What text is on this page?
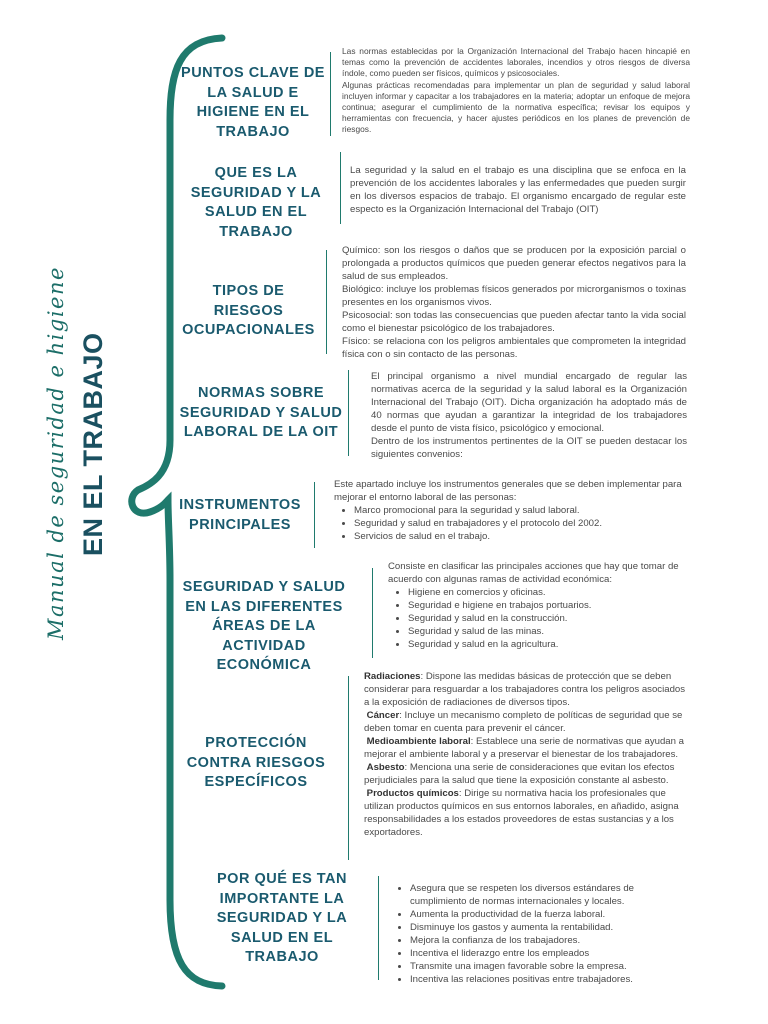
Manual de seguridad e higiene EN EL TRABAJO
PUNTOS CLAVE DE LA SALUD E HIGIENE EN EL TRABAJO

Las normas establecidas por la Organización Internacional del Trabajo hacen hincapié en temas como la prevención de accidentes laborales, incendios y otros riesgos de diversa índole, como pueden ser físicos, químicos y psicosociales.

Algunas prácticas recomendadas para implementar un plan de seguridad y salud laboral incluyen informar y capacitar a los trabajadores en la materia; adoptar un enfoque de mejora continua; asegurar el cumplimiento de la normativa específica; revisar los equipos y herramientas con frecuencia, y hacer ajustes periódicos en los planes de prevención de riesgos.

QUE ES LA SEGURIDAD Y LA SALUD EN EL TRABAJO

La seguridad y la salud en el trabajo es una disciplina que se enfoca en la prevención de los accidentes laborales y las enfermedades que pueden surgir en los diversos espacios de trabajo. El organismo encargado de regular este especto es la Organización Internacional del Trabajo (OIT)

TIPOS DE RIESGOS OCUPACIONALES

Químico: son los riesgos o daños que se producen por la exposición parcial o prolongada a productos químicos que pueden generar efectos negativos para la salud de sus empleados.

Biológico: incluye los problemas físicos generados por microrganismos o toxinas presentes en los organismos vivos.

Psicosocial: son todas las consecuencias que pueden afectar tanto la vida social como el bienestar psicológico de los trabajadores.

Físico: se relaciona con los peligros ambientales que comprometen la integridad física con o sin contacto de las personas.

NORMAS SOBRE SEGURIDAD Y SALUD LABORAL DE LA OIT

El principal organismo a nivel mundial encargado de regular las normativas acerca de la seguridad y la salud laboral es la Organización Internacional del Trabajo (OIT). Dicha organización ha adoptado más de 40 normas que ayudan a garantizar la integridad de los trabajadores desde el punto de vista físico, psicológico y emocional.

Dentro de los instrumentos pertinentes de la OIT se pueden destacar los siguientes convenios:

INSTRUMENTOS PRINCIPALES

Este apartado incluye los instrumentos generales que se deben implementar para mejorar el entorno laboral de las personas:

• Marco promocional para la seguridad y salud laboral.
• Seguridad y salud en trabajadores y el protocolo del 2002.
• Servicios de salud en el trabajo.
SEGURIDAD Y SALUD EN LAS DIFERENTES ÁREAS DE LA ACTIVIDAD ECONÓMICA

Consiste en clasificar las principales acciones que hay que tomar de acuerdo con algunas ramas de actividad económica:

• Higiene en comercios y oficinas.
• Seguridad e higiene en trabajos portuarios.
• Seguridad y salud en la construcción.
• Seguridad y salud de las minas.
• Seguridad y salud en la agricultura.
PROTECCIÓN CONTRA RIESGOS ESPECÍFICOS

Radiaciones: Dispone las medidas básicas de protección que se deben considerar para resguardar a los trabajadores contra los peligros asociados a la exposición de radiaciones de diversos tipos.

Cáncer: Incluye un mecanismo completo de políticas de seguridad que se deben tomar en cuenta para prevenir el cáncer.

Medioambiente laboral: Establece una serie de normativas que ayudan a mejorar el ambiente laboral y a preservar el bienestar de los trabajadores.

Asbesto: Menciona una serie de consideraciones que evitan los efectos perjudiciales para la salud que tiene la exposición constante al asbesto.

Productos químicos: Dirige su normativa hacia los profesionales que utilizan productos químicos en sus entornos laborales, en añadido, asigna responsabilidades a los estados proveedores de estas sustancias y a los exportadores.

POR QUÉ ES TAN IMPORTANTE LA SEGURIDAD Y LA SALUD EN EL TRABAJO
• Asegura que se respeten los diversos estándares de cumplimiento de normas internacionales y locales.
• Aumenta la productividad de la fuerza laboral.
• Disminuye los gastos y aumenta la rentabilidad.
• Mejora la confianza de los trabajadores.
• Incentiva el liderazgo entre los empleados
• Transmite una imagen favorable sobre la empresa.
• Incentiva las relaciones positivas entre trabajadores.
